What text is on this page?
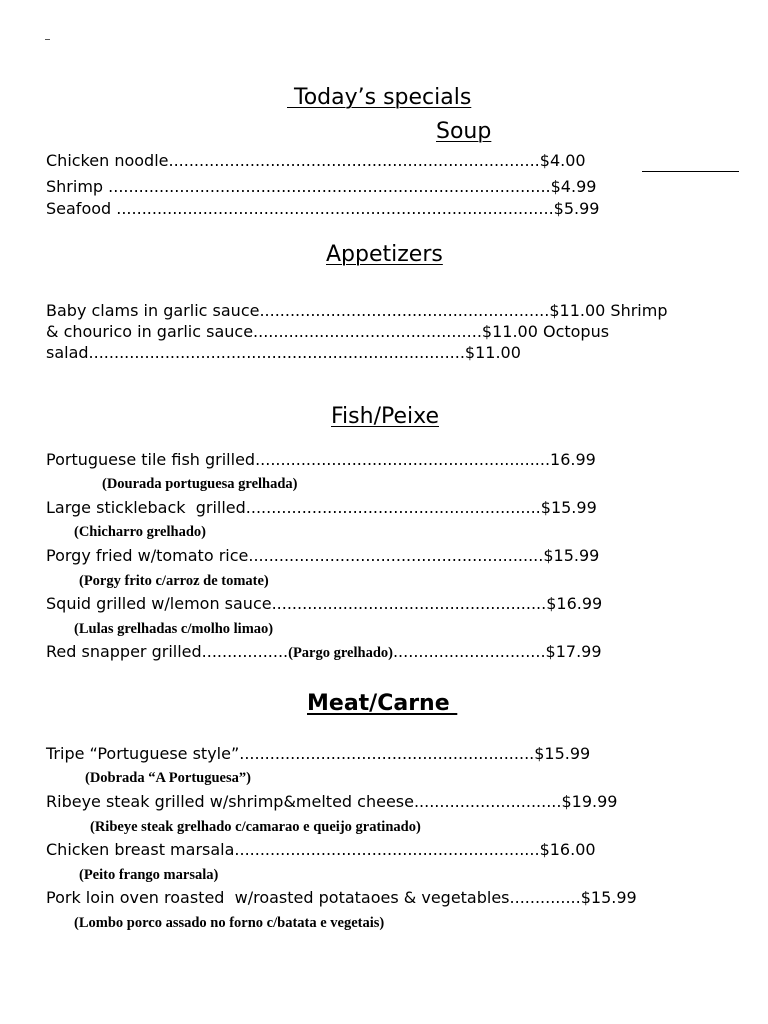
Today’s specials
Soup
Chicken noodle.........................................................................$4.00
Shrimp .......................................................................................$4.99
Seafood ......................................................................................$5.99
Appetizers
Baby clams in garlic sauce.........................................................$11.00 Shrimp
& chourico in garlic sauce.............................................$11.00 Octopus
salad..........................................................................$11.00
Fish/Peixe
Portuguese tile fish grilled..........................................................16.99
(Dourada portuguesa grelhada)
Large stickleback  grilled..........................................................$15.99
(Chicharro grelhado)
Porgy fried w/tomato rice..........................................................$15.99
(Porgy frito c/arroz de tomate)
Squid grilled w/lemon sauce......................................................$16.99
(Lulas grelhadas c/molho limao)
Red snapper grilled.................(Pargo grelhado)..............................$17.99
Meat/Carne
Tripe “Portuguese style”..........................................................$15.99
(Dobrada “A Portuguesa”)
Ribeye steak grilled w/shrimp&melted cheese.............................$19.99
(Ribeye steak grelhado c/camarao e queijo gratinado)
Chicken breast marsala............................................................$16.00
(Peito frango marsala)
Pork loin oven roasted  w/roasted potataoes & vegetables..............$15.99
(Lombo porco assado no forno c/batata e vegetais)
